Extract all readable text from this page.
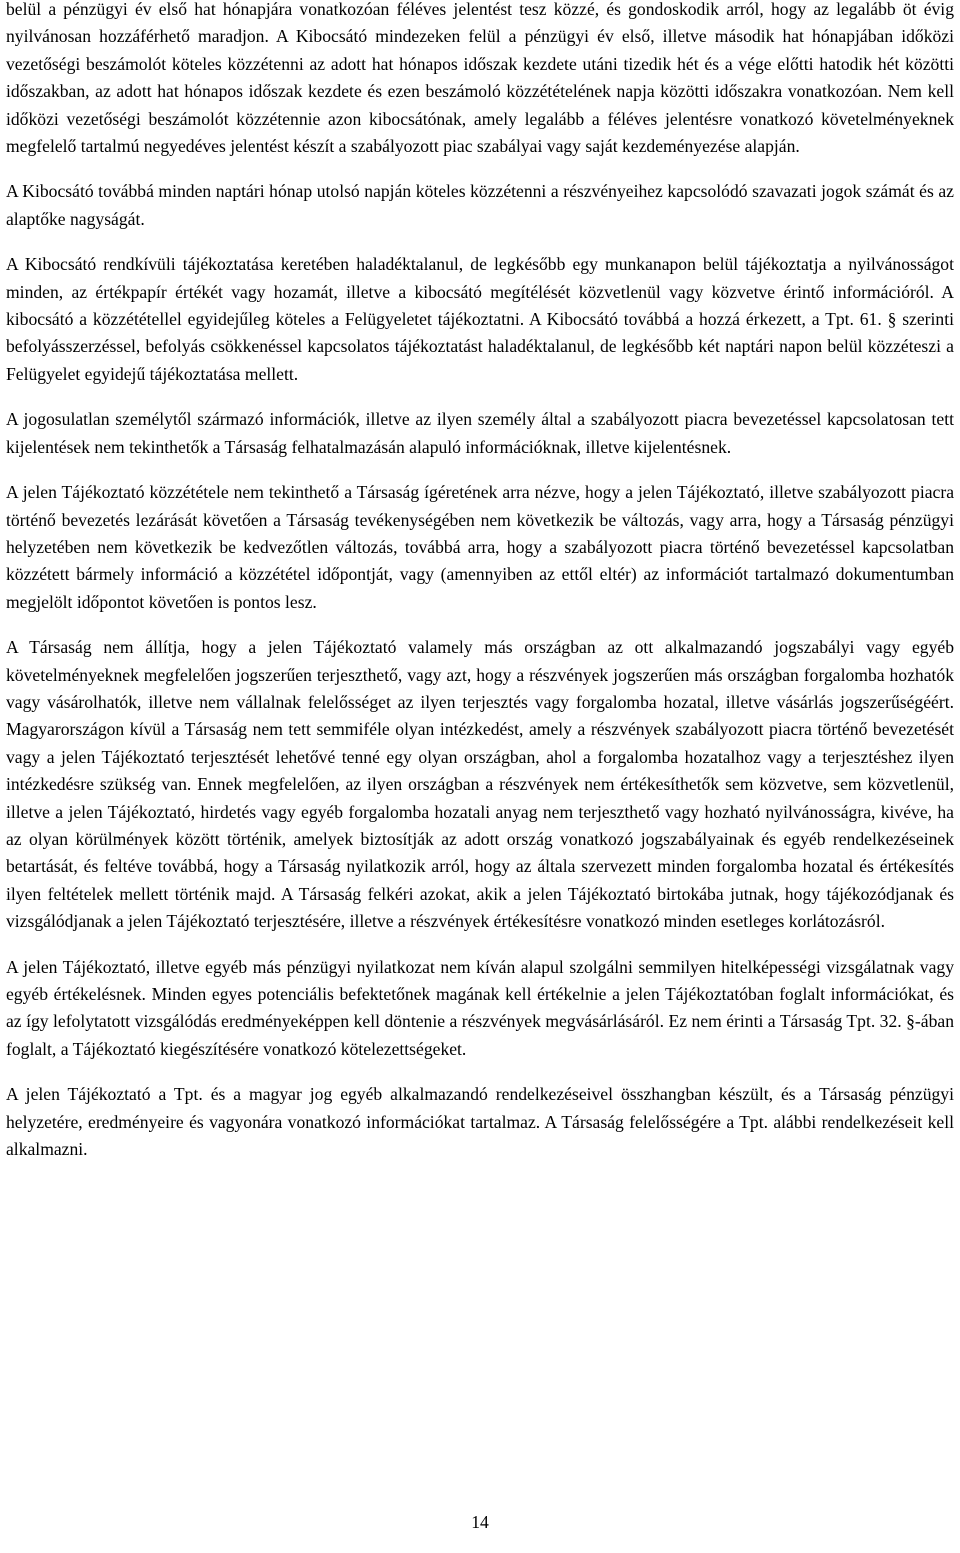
belül a pénzügyi év első hat hónapjára vonatkozóan féléves jelentést tesz közzé, és gondoskodik arról, hogy az legalább öt évig nyilvánosan hozzáférhető maradjon. A Kibocsátó mindezeken felül a pénzügyi év első, illetve második hat hónapjában időközi vezetőségi beszámolót köteles közzétenni az adott hat hónapos időszak kezdete utáni tizedik hét és a vége előtti hatodik hét közötti időszakban, az adott hat hónapos időszak kezdete és ezen beszámoló közzétételének napja közötti időszakra vonatkozóan. Nem kell időközi vezetőségi beszámolót közzétennie azon kibocsátónak, amely legalább a féléves jelentésre vonatkozó követelményeknek megfelelő tartalmú negyedéves jelentést készít a szabályozott piac szabályai vagy saját kezdeményezése alapján.

A Kibocsátó továbbá minden naptári hónap utolsó napján köteles közzétenni a részvényeihez kapcsolódó szavazati jogok számát és az alaptőke nagyságát.

A Kibocsátó rendkívüli tájékoztatása keretében haladéktalanul, de legkésőbb egy munkanapon belül tájékoztatja a nyilvánosságot minden, az értékpapír értékét vagy hozamát, illetve a kibocsátó megítélését közvetlenül vagy közvetve érintő információról. A kibocsátó a közzététellel egyidejűleg köteles a Felügyeletet tájékoztatni. A Kibocsátó továbbá a hozzá érkezett, a Tpt. 61. § szerinti befolyásszerzéssel, befolyás csökkenéssel kapcsolatos tájékoztatást haladéktalanul, de legkésőbb két naptári napon belül közzéteszi a Felügyelet egyidejű tájékoztatása mellett.

A jogosulatlan személytől származó információk, illetve az ilyen személy által a szabályozott piacra bevezetéssel kapcsolatosan tett kijelentések nem tekinthetők a Társaság felhatalmazásán alapuló információknak, illetve kijelentésnek.

A jelen Tájékoztató közzététele nem tekinthető a Társaság ígéretének arra nézve, hogy a jelen Tájékoztató, illetve szabályozott piacra történő bevezetés lezárását követően a Társaság tevékenységében nem következik be változás, vagy arra, hogy a Társaság pénzügyi helyzetében nem következik be kedvezőtlen változás, továbbá arra, hogy a szabályozott piacra történő bevezetéssel kapcsolatban közzétett bármely információ a közzététel időpontját, vagy (amennyiben az ettől eltér) az információt tartalmazó dokumentumban megjelölt időpontot követően is pontos lesz.

A Társaság nem állítja, hogy a jelen Tájékoztató valamely más országban az ott alkalmazandó jogszabályi vagy egyéb követelményeknek megfelelően jogszerűen terjeszthető, vagy azt, hogy a részvények jogszerűen más országban forgalomba hozhatók vagy vásárolhatók, illetve nem vállalnak felelősséget az ilyen terjesztés vagy forgalomba hozatal, illetve vásárlás jogszerűségéért. Magyarországon kívül a Társaság nem tett semmiféle olyan intézkedést, amely a részvények szabályozott piacra történő bevezetését vagy a jelen Tájékoztató terjesztését lehetővé tenné egy olyan országban, ahol a forgalomba hozatalhoz vagy a terjesztéshez ilyen intézkedésre szükség van. Ennek megfelelően, az ilyen országban a részvények nem értékesíthetők sem közvetve, sem közvetlenül, illetve a jelen Tájékoztató, hirdetés vagy egyéb forgalomba hozatali anyag nem terjeszthető vagy hozható nyilvánosságra, kivéve, ha az olyan körülmények között történik, amelyek biztosítják az adott ország vonatkozó jogszabályainak és egyéb rendelkezéseinek betartását, és feltéve továbbá, hogy a Társaság nyilatkozik arról, hogy az általa szervezett minden forgalomba hozatal és értékesítés ilyen feltételek mellett történik majd. A Társaság felkéri azokat, akik a jelen Tájékoztató birtokába jutnak, hogy tájékozódjanak és vizsgálódjanak a jelen Tájékoztató terjesztésére, illetve a részvények értékesítésre vonatkozó minden esetleges korlátozásról.

A jelen Tájékoztató, illetve egyéb más pénzügyi nyilatkozat nem kíván alapul szolgálni semmilyen hitelképességi vizsgálatnak vagy egyéb értékelésnek. Minden egyes potenciális befektetőnek magának kell értékelnie a jelen Tájékoztatóban foglalt információkat, és az így lefolytatott vizsgálódás eredményeképpen kell döntenie a részvények megvásárlásáról. Ez nem érinti a Társaság Tpt. 32. §-ában foglalt, a Tájékoztató kiegészítésére vonatkozó kötelezettségeket.

A jelen Tájékoztató a Tpt. és a magyar jog egyéb alkalmazandó rendelkezéseivel összhangban készült, és a Társaság pénzügyi helyzetére, eredményeire és vagyonára vonatkozó információkat tartalmaz. A Társaság felelősségére a Tpt. alábbi rendelkezéseit kell alkalmazni.

14
